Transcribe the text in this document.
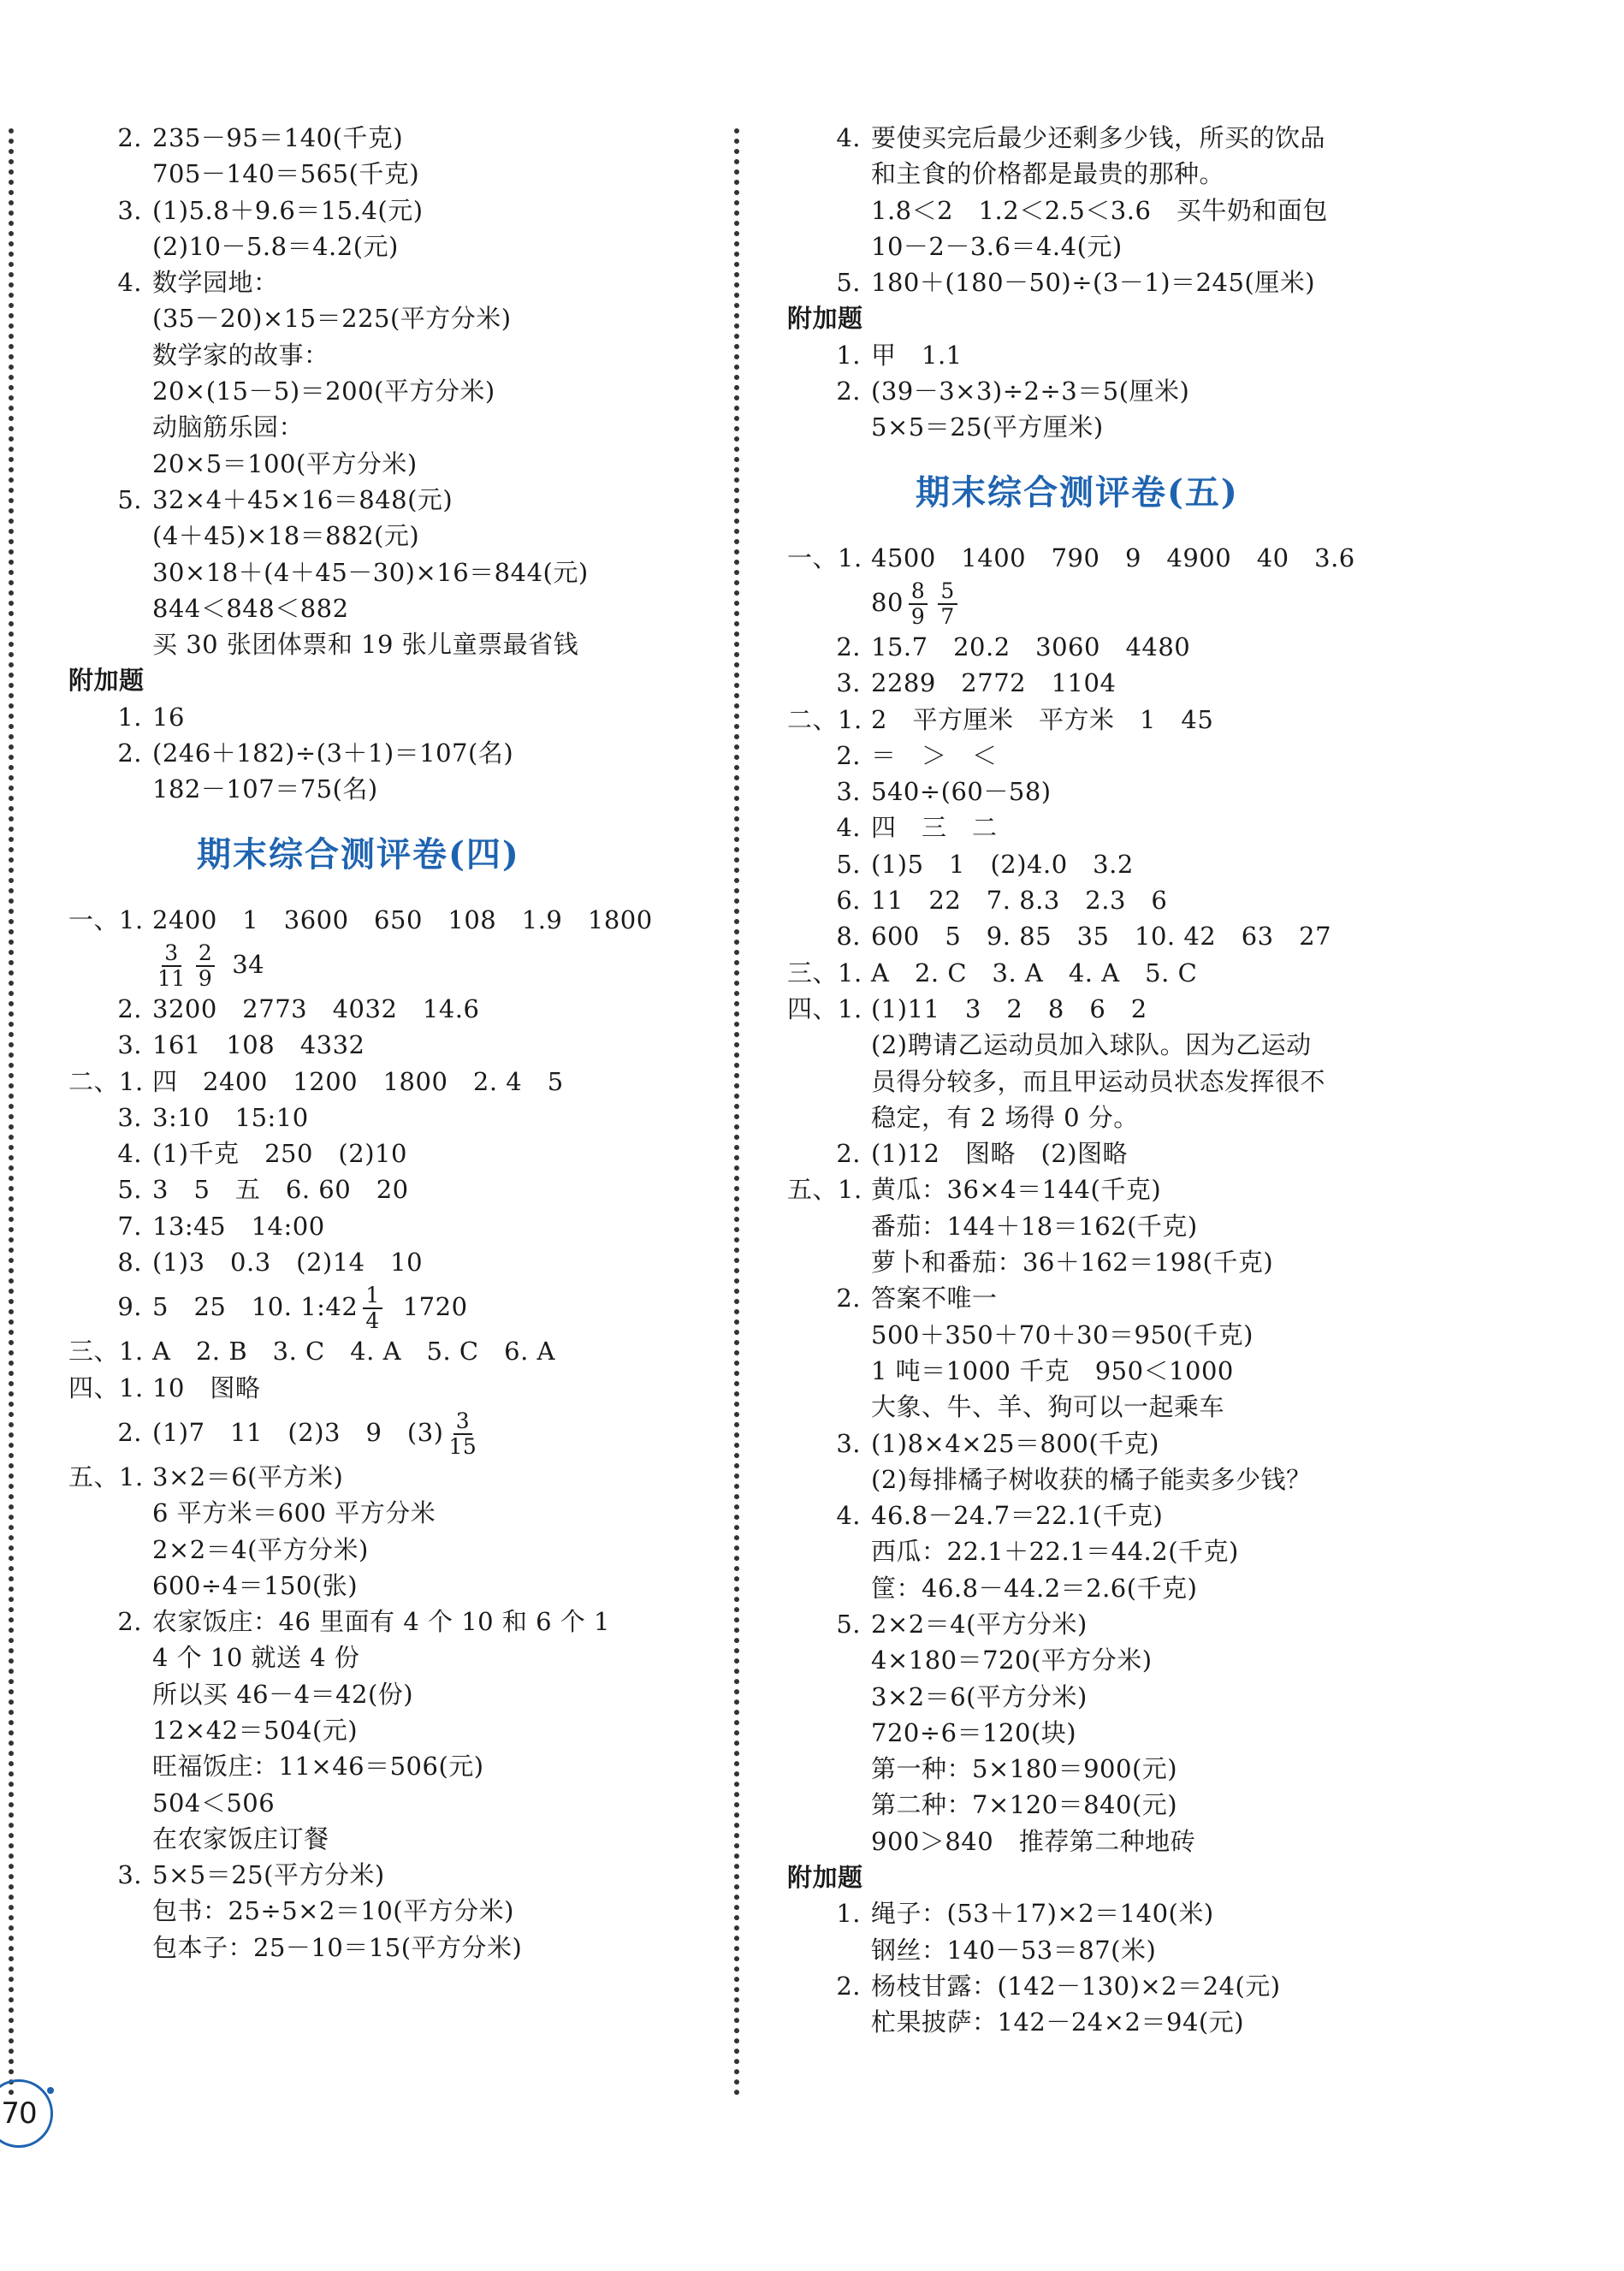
2. 235－95＝140(千克)
705－140＝565(千克)
3. (1)5.8＋9.6＝15.4(元)
(2)10－5.8＝4.2(元)
4. 数学园地：
(35－20)×15＝225(平方分米)
数学家的故事：
20×(15－5)＝200(平方分米)
动脑筋乐园：
20×5＝100(平方分米)
5. 32×4＋45×16＝848(元)
(4＋45)×18＝882(元)
30×18＋(4＋45－30)×16＝844(元)
844＜848＜882
买 30 张团体票和 19 张儿童票最省钱
附加题
1. 16
2. (246＋182)÷(3＋1)＝107(名)
182－107＝75(名)
期末综合测评卷(四)
一、1. 2400　1　3600　650　108　1.9　1800
$\frac{3}{11} \frac{2}{9} 34$
2. 3200　2773　4032　14.6
3. 161　108　4332
二、1. 四　2400　1200　1800　2. 4　5
3. 3:10　15:10
4. (1)千克　250　(2)10
5. 3　5　五　6. 60　20
7. 13:45　14:00
8. (1)3　0.3　(2)14　10
9. 5　25　10. 1:42 $\frac{1}{4} 1720$
三、1. A　2. B　3. C　4. A　5. C　6. A
四、1. 10　图略
2. (1)7　11　(2)3　9　$(3) \frac{3}{15}$
五、1. 3×2＝6(平方米)
6 平方米＝600 平方分米
2×2＝4(平方分米)
600÷4＝150(张)
2. 农家饭庄：46 里面有 4 个 10 和 6 个 1
4 个 10 就送 4 份
所以买 46－4＝42(份)
12×42＝504(元)
旺福饭庄：11×46＝506(元)
504＜506
在农家饭庄订餐
3. 5×5＝25(平方分米)
包书：25÷5×2＝10(平方分米)
包本子：25－10＝15(平方分米)
4. 要使买完后最少还剩多少钱，所买的饮品
和主食的价格都是最贵的那种。
1.8＜2　1.2＜2.5＜3.6　买牛奶和面包
10－2－3.6＝4.4(元)
5. 180＋(180－50)÷(3－1)＝245(厘米)
附加题
1. 甲　1.1
2. (39－3×3)÷2÷3＝5(厘米)
5×5＝25(平方厘米)
期末综合测评卷(五)
一、1. 4500　1400　790　9　4900　40　3.6
$80 \frac{8}{9} \frac{5}{7}$
2. 15.7　20.2　3060　4480
3. 2289　2772　1104
二、1. 2　平方厘米　平方米　1　45
2. ＝　＞　＜
3. 540÷(60－58)
4. 四　三　二
5. (1)5　1　(2)4.0　3.2
6. 11　22　7. 8.3　2.3　6
8. 600　5　9. 85　35　10. 42　63　27
三、1. A　2. C　3. A　4. A　5. C
四、1. (1)11　3　2　8　6　2
(2)聘请乙运动员加入球队。因为乙运动
员得分较多，而且甲运动员状态发挥很不
稳定，有 2 场得 0 分。
2. (1)12　图略　(2)图略
五、1. 黄瓜：36×4＝144(千克)
番茄：144＋18＝162(千克)
萝卜和番茄：36＋162＝198(千克)
2. 答案不唯一
500＋350＋70＋30＝950(千克)
1 吨＝1000 千克　950＜1000
大象、牛、羊、狗可以一起乘车
3. (1)8×4×25＝800(千克)
(2)每排橘子树收获的橘子能卖多少钱？
4. 46.8－24.7＝22.1(千克)
西瓜：22.1＋22.1＝44.2(千克)
筐：46.8－44.2＝2.6(千克)
5. 2×2＝4(平方分米)
4×180＝720(平方分米)
3×2＝6(平方分米)
720÷6＝120(块)
第一种：5×180＝900(元)
第二种：7×120＝840(元)
900＞840　推荐第二种地砖
附加题
1. 绳子：(53＋17)×2＝140(米)
钢丝：140－53＝87(米)
2. 杨枝甘露：(142－130)×2＝24(元)
杧果披萨：142－24×2＝94(元)
70
